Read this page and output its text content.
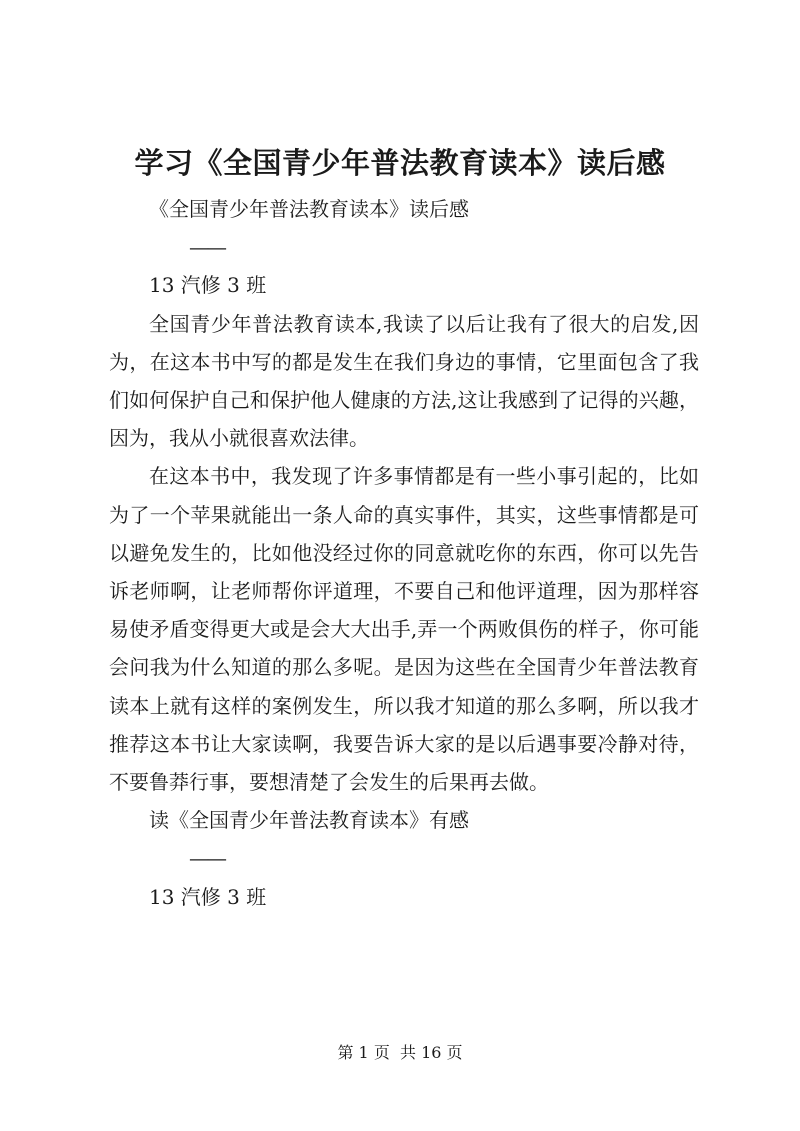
学习《全国青少年普法教育读本》读后感

《全国青少年普法教育读本》读后感

——

13 汽修 3 班

全国青少年普法教育读本,我读了以后让我有了很大的启发,因为，在这本书中写的都是发生在我们身边的事情，它里面包含了我们如何保护自己和保护他人健康的方法,这让我感到了记得的兴趣，因为，我从小就很喜欢法律。

在这本书中，我发现了许多事情都是有一些小事引起的，比如为了一个苹果就能出一条人命的真实事件，其实，这些事情都是可以避免发生的，比如他没经过你的同意就吃你的东西，你可以先告诉老师啊，让老师帮你评道理，不要自己和他评道理，因为那样容易使矛盾变得更大或是会大大出手,弄一个两败俱伤的样子，你可能会问我为什么知道的那么多呢。是因为这些在全国青少年普法教育读本上就有这样的案例发生，所以我才知道的那么多啊，所以我才推荐这本书让大家读啊，我要告诉大家的是以后遇事要冷静对待，不要鲁莽行事，要想清楚了会发生的后果再去做。

读《全国青少年普法教育读本》有感

——

13 汽修 3 班

第 1 页  共 16 页
